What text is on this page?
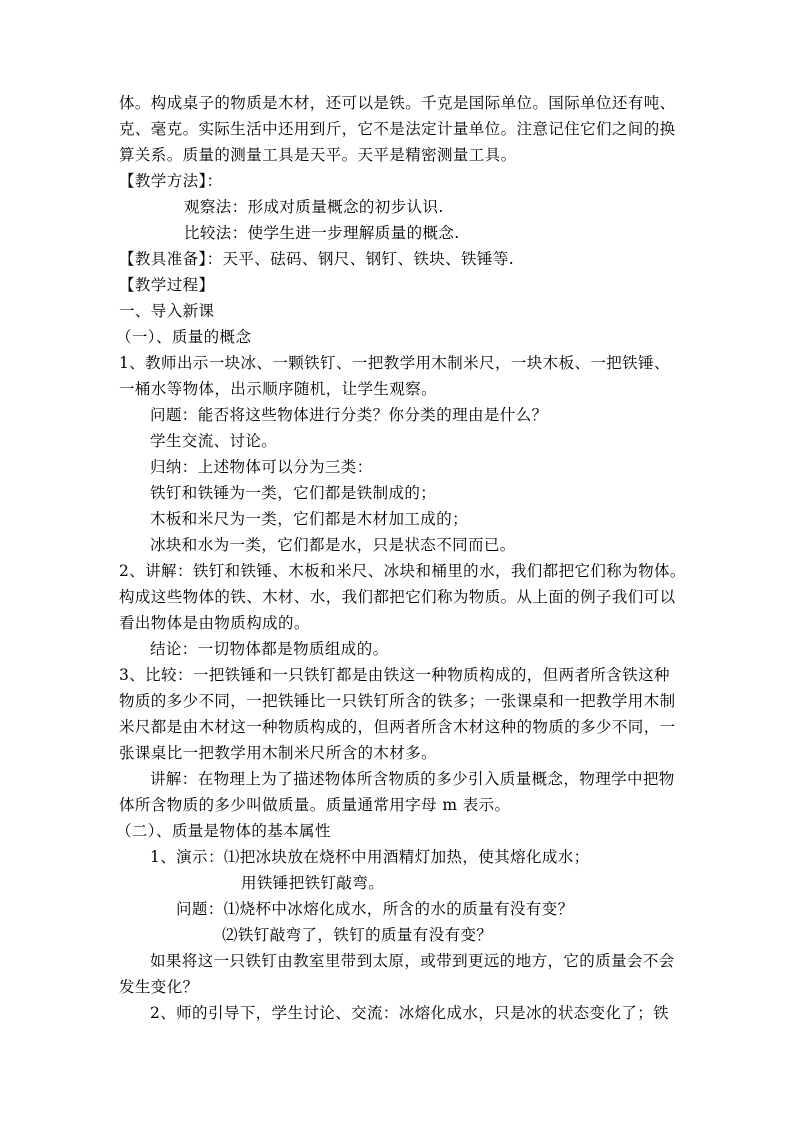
体。构成桌子的物质是木材，还可以是铁。千克是国际单位。国际单位还有吨、
克、毫克。实际生活中还用到斤，它不是法定计量单位。注意记住它们之间的换
算关系。质量的测量工具是天平。天平是精密测量工具。
【教学方法】：
观察法：形成对质量概念的初步认识.
比较法：使学生进一步理解质量的概念.
【教具准备】：天平、砝码、钢尺、钢钉、铁块、铁锤等.
【教学过程】
一、导入新课
（一）、质量的概念
1、教师出示一块冰、一颗铁钉、一把教学用木制米尺，一块木板、一把铁锤、
一桶水等物体，出示顺序随机，让学生观察。
问题：能否将这些物体进行分类？你分类的理由是什么？
学生交流、讨论。
归纳：上述物体可以分为三类：
铁钉和铁锤为一类，它们都是铁制成的；
木板和米尺为一类，它们都是木材加工成的；
冰块和水为一类，它们都是水，只是状态不同而已。
2、讲解：铁钉和铁锤、木板和米尺、冰块和桶里的水，我们都把它们称为物体。
构成这些物体的铁、木材、水，我们都把它们称为物质。从上面的例子我们可以
看出物体是由物质构成的。
结论：一切物体都是物质组成的。
3、比较：一把铁锤和一只铁钉都是由铁这一种物质构成的，但两者所含铁这种
物质的多少不同，一把铁锤比一只铁钉所含的铁多；一张课桌和一把教学用木制
米尺都是由木材这一种物质构成的，但两者所含木材这种的物质的多少不同，一
张课桌比一把教学用木制米尺所含的木材多。
讲解：在物理上为了描述物体所含物质的多少引入质量概念，物理学中把物
体所含物质的多少叫做质量。质量通常用字母 m 表示。
（二）、质量是物体的基本属性
1、演示：⑴把冰块放在烧杯中用酒精灯加热，使其熔化成水；
用铁锤把铁钉敲弯。
问题：⑴烧杯中冰熔化成水，所含的水的质量有没有变？
⑵铁钉敲弯了，铁钉的质量有没有变？
如果将这一只铁钉由教室里带到太原，或带到更远的地方，它的质量会不会
发生变化？
2、师的引导下，学生讨论、交流：冰熔化成水，只是冰的状态变化了；铁
